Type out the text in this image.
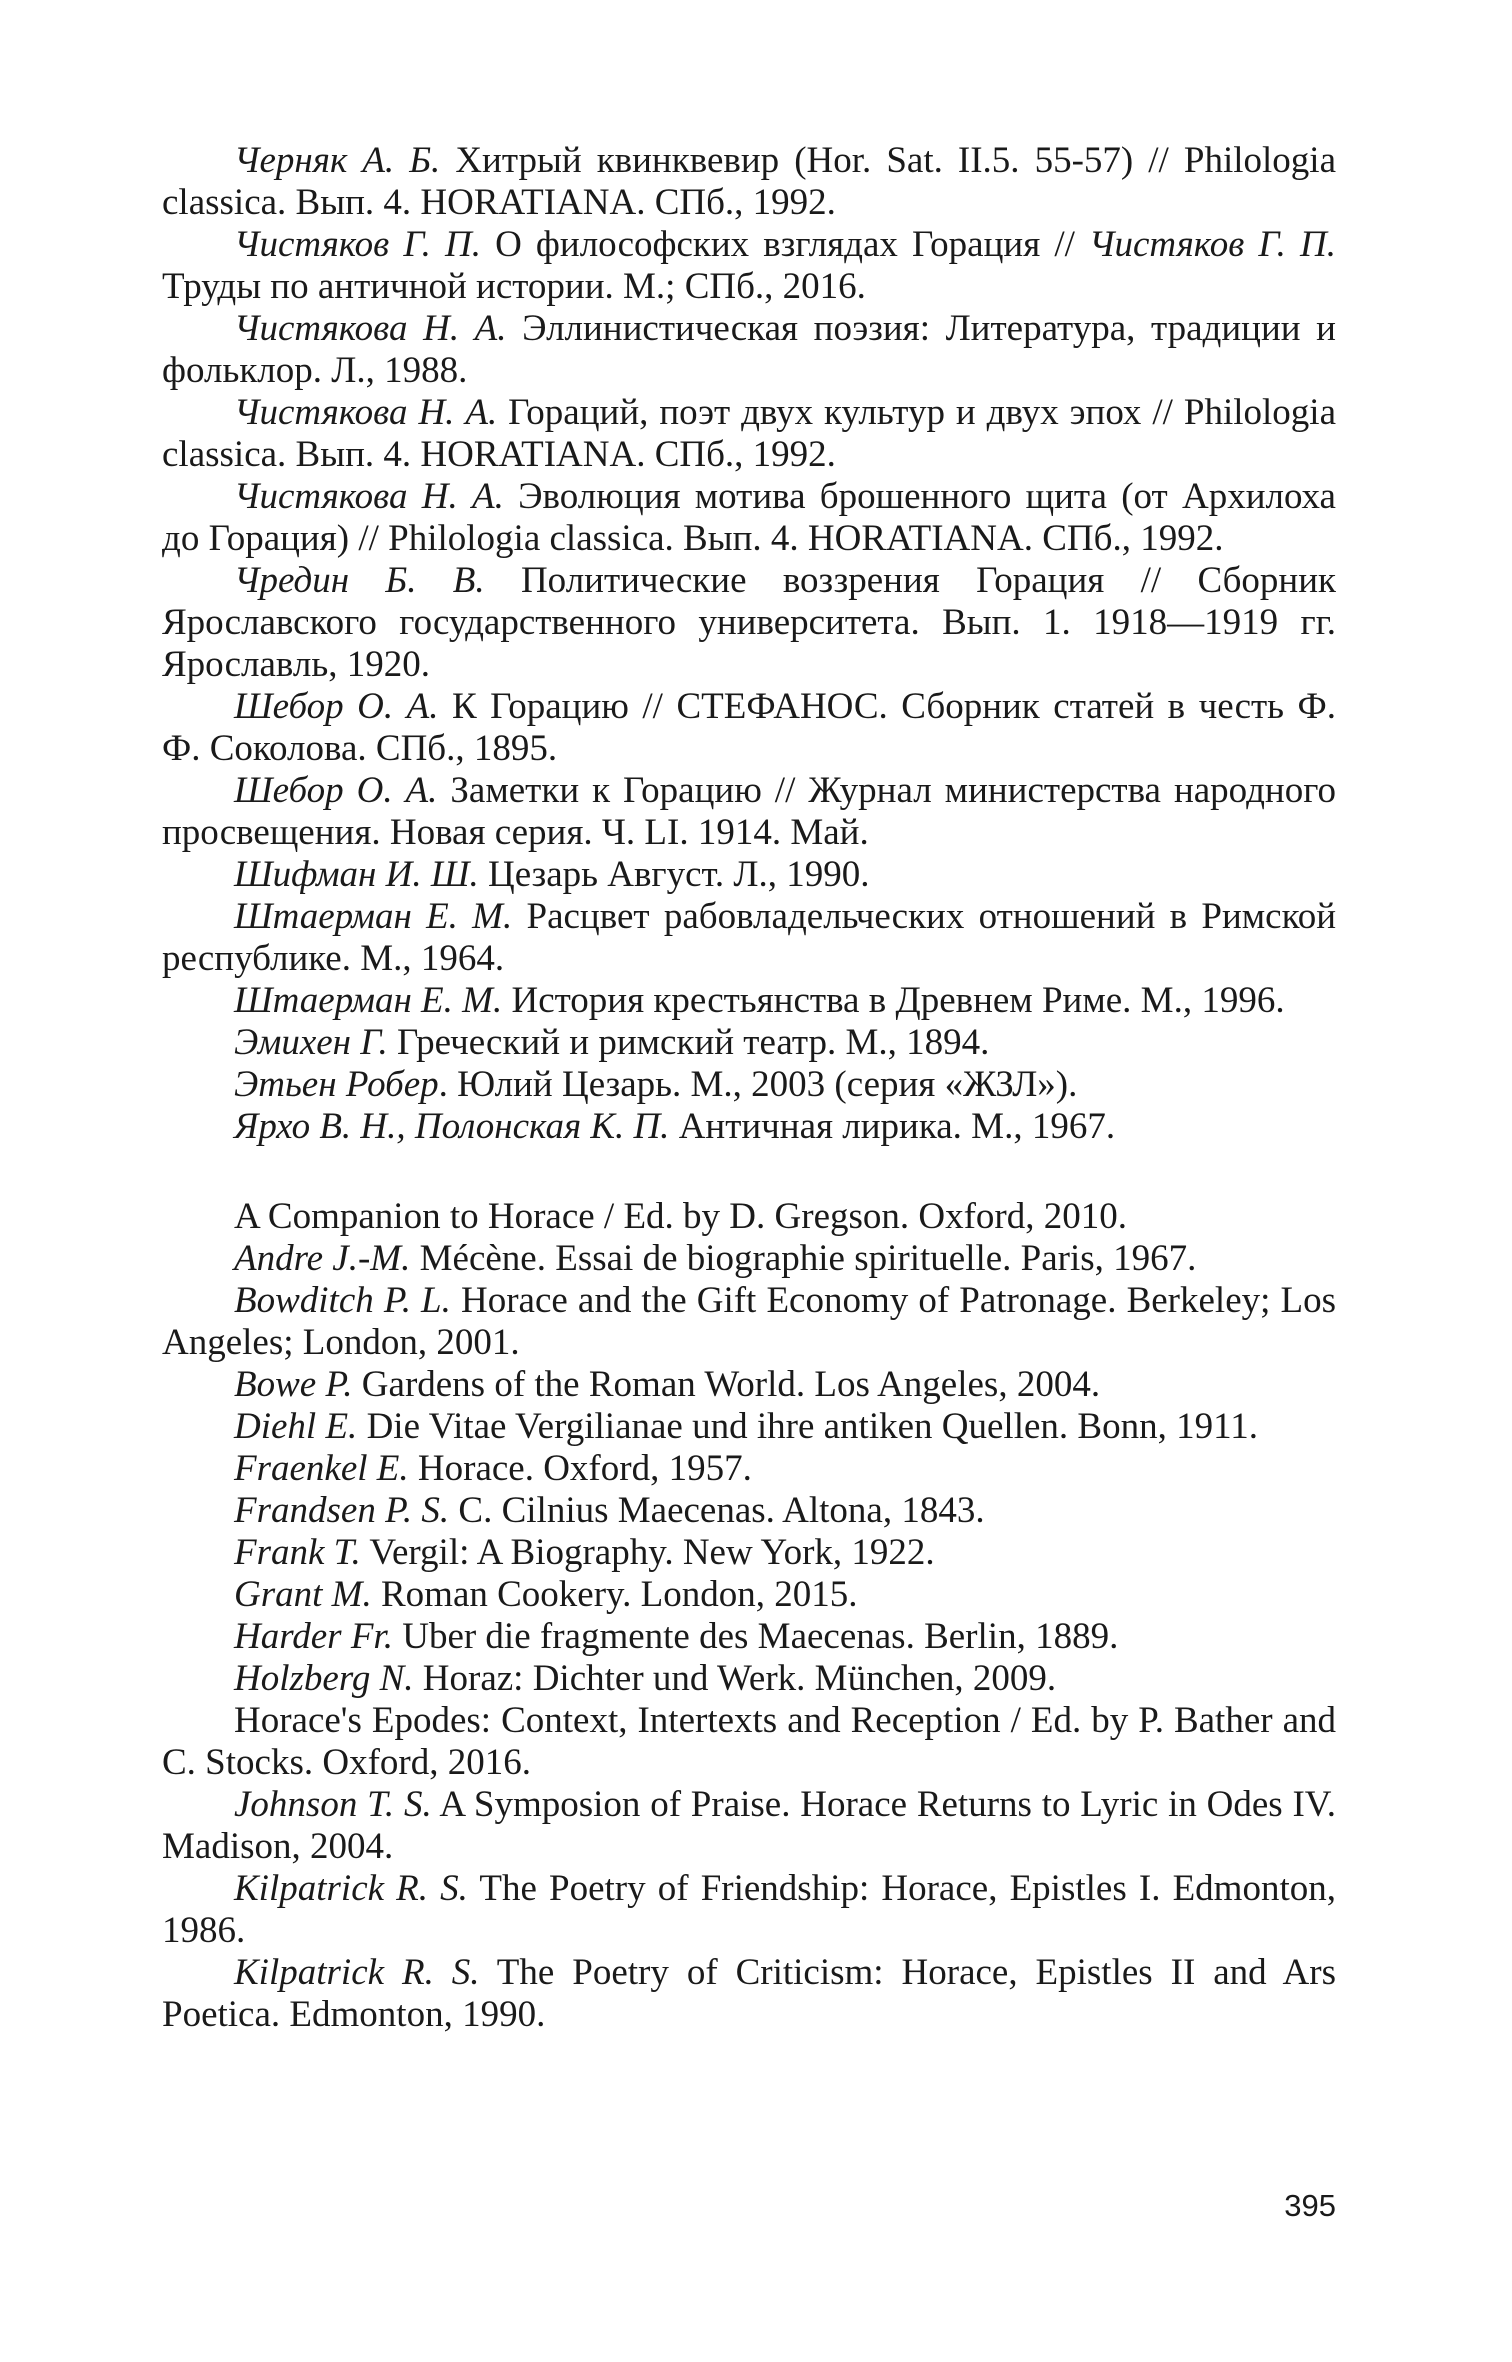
Черняк А. Б. Хитрый квинквевир (Hor. Sat. II.5. 55-57) // Philologia classica. Вып. 4. HORATIANA. СПб., 1992.

Чистяков Г. П. О философских взглядах Горация // Чистяков Г. П. Труды по античной истории. М.; СПб., 2016.

Чистякова Н. А. Эллинистическая поэзия: Литература, традиции и фольклор. Л., 1988.

Чистякова Н. А. Гораций, поэт двух культур и двух эпох // Philologia classica. Вып. 4. HORATIANA. СПб., 1992.

Чистякова Н. А. Эволюция мотива брошенного щита (от Архилоха до Горация) // Philologia classica. Вып. 4. HORATIANA. СПб., 1992.

Чредин Б. В. Политические воззрения Горация // Сборник Ярославского государственного университета. Вып. 1. 1918—1919 гг. Ярославль, 1920.

Шебор О. А. К Горацию // СТЕФАНОС. Сборник статей в честь Ф. Ф. Соколова. СПб., 1895.

Шебор О. А. Заметки к Горацию // Журнал министерства народного просвещения. Новая серия. Ч. LI. 1914. Май.

Шифман И. Ш. Цезарь Август. Л., 1990.

Штаерман Е. М. Расцвет рабовладельческих отношений в Римской республике. М., 1964.

Штаерман Е. М. История крестьянства в Древнем Риме. М., 1996.

Эмихен Г. Греческий и римский театр. М., 1894.

Этьен Робер. Юлий Цезарь. М., 2003 (серия «ЖЗЛ»).

Ярхо В. Н., Полонская К. П. Античная лирика. М., 1967.

A Companion to Horace / Ed. by D. Gregson. Oxford, 2010.

Andre J.-M. Mécène. Essai de biographie spirituelle. Paris, 1967.

Bowditch P. L. Horace and the Gift Economy of Patronage. Berkeley; Los Angeles; London, 2001.

Bowe P. Gardens of the Roman World. Los Angeles, 2004.

Diehl E. Die Vitae Vergilianae und ihre antiken Quellen. Bonn, 1911.

Fraenkel E. Horace. Oxford, 1957.

Frandsen P. S. C. Cilnius Maecenas. Altona, 1843.

Frank T. Vergil: A Biography. New York, 1922.

Grant M. Roman Cookery. London, 2015.

Harder Fr. Uber die fragmente des Maecenas. Berlin, 1889.

Holzberg N. Horaz: Dichter und Werk. München, 2009.

Horace's Epodes: Context, Intertexts and Reception / Ed. by P. Bather and C. Stocks. Oxford, 2016.

Johnson T. S. A Symposion of Praise. Horace Returns to Lyric in Odes IV. Madison, 2004.

Kilpatrick R. S. The Poetry of Friendship: Horace, Epistles I. Edmonton, 1986.

Kilpatrick R. S. The Poetry of Criticism: Horace, Epistles II and Ars Poetica. Edmonton, 1990.

395
